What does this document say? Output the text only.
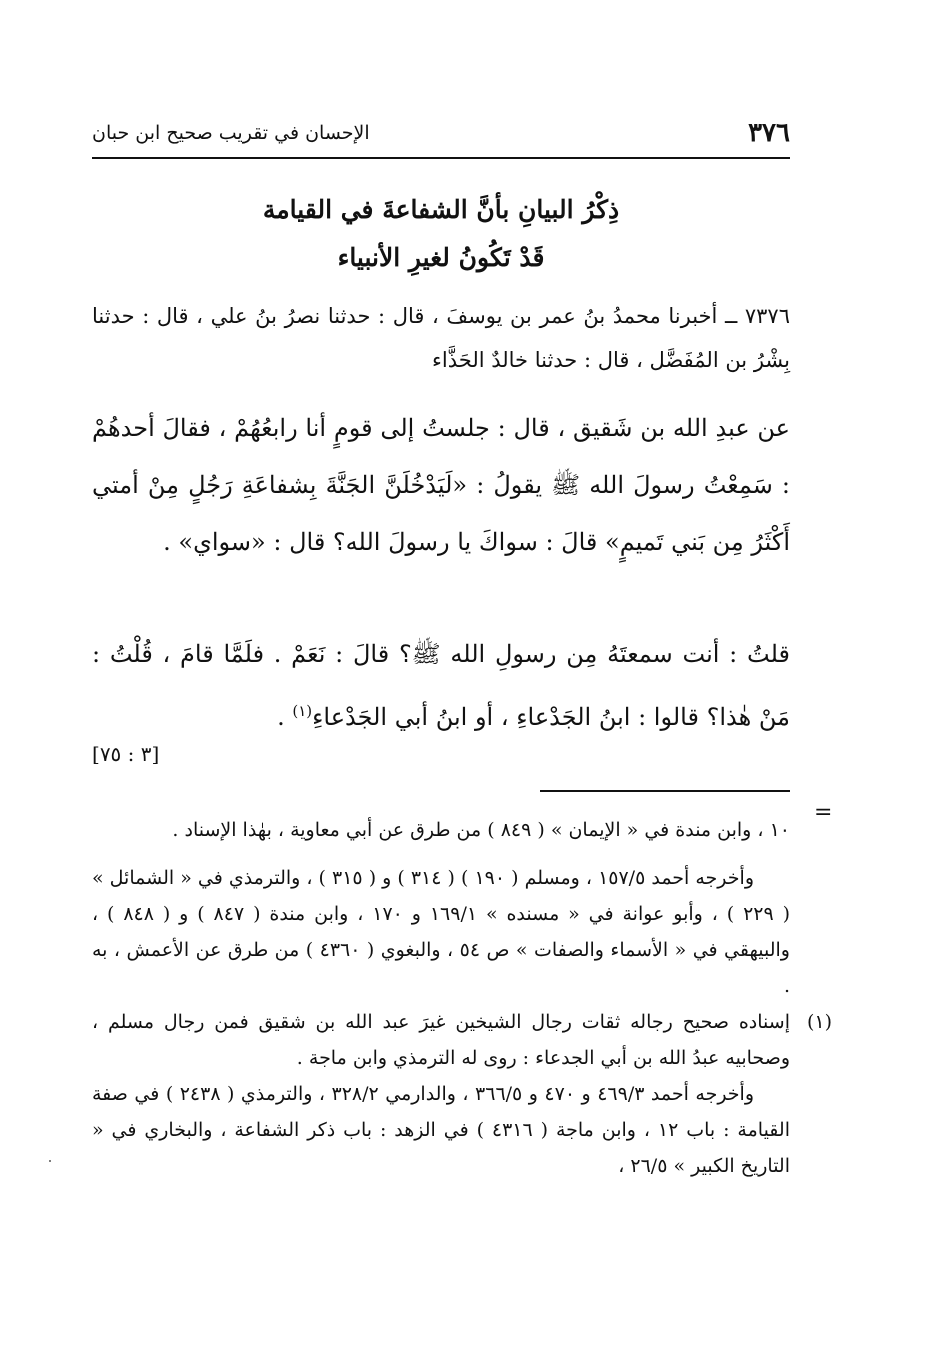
٣٧٦
الإحسان في تقريب صحيح ابن حبان
ذِكْرُ البيانِ بأنَّ الشفاعةَ في القيامة
قَدْ تَكُونُ لغيرِ الأنبياء
٧٣٧٦ ــ أخبرنا محمدُ بنُ عمر بن يوسفَ ، قال : حدثنا نصرُ بنُ علي ، قال : حدثنا بِشْرُ بن المُفَضَّل ، قال : حدثنا خالدٌ الحَذَّاء
عن عبدِ الله بن شَقيق ، قال : جلستُ إلى قومٍ أنا رابعُهُمْ ، فقالَ أحدهُمْ : سَمِعْتُ رسولَ الله ﷺ يقولُ : «لَيَدْخُلَنَّ الجَنَّةَ بِشفاعَةِ رَجُلٍ مِنْ أمتي أَكْثَرُ مِن بَني تَميمٍ» قالَ : سواكَ يا رسولَ الله؟ قال : «سواي» .
قلتُ : أنت سمعتَهُ مِن رسولِ الله ﷺ؟ قالَ : نَعَمْ . فلَمَّا قامَ ، قُلْتُ : مَنْ هٰذا؟ قالوا : ابنُ الجَدْعاءِ ، أو ابنُ أبي الجَدْعاءِ$^{(١)}$ .
[٣ : ٧٥]
=

١٠ ، وابن مندة في « الإيمان » ( ٨٤٩ ) من طرق عن أبي معاوية ، بهٰذا الإسناد .

وأخرجه أحمد ١٥٧/٥ ، ومسلم ( ١٩٠ ) ( ٣١٤ ) و ( ٣١٥ ) ، والترمذي في « الشمائل » ( ٢٢٩ ) ، وأبو عوانة في « مسنده » ١٦٩/١ و ١٧٠ ، وابن مندة ( ٨٤٧ ) و ( ٨٤٨ ) ، والبيهقي في « الأسماء والصفات » ص ٥٤ ، والبغوي ( ٤٣٦٠ ) من طرق عن الأعمش ، به .

(١)

إسناده صحيح رجاله ثقات رجال الشيخين غيرَ عبد الله بن شقيق فمن رجال مسلم ، وصحابيه عبدُ الله بن أبي الجدعاء : روى له الترمذي وابن ماجة .

وأخرجه أحمد ٤٦٩/٣ و ٤٧٠ و ٣٦٦/٥ ، والدارمي ٣٢٨/٢ ، والترمذي ( ٢٤٣٨ ) في صفة القيامة : باب ١٢ ، وابن ماجة ( ٤٣١٦ ) في الزهد : باب ذكر الشفاعة ، والبخاري في « التاريخ الكبير » ٢٦/٥ ،
